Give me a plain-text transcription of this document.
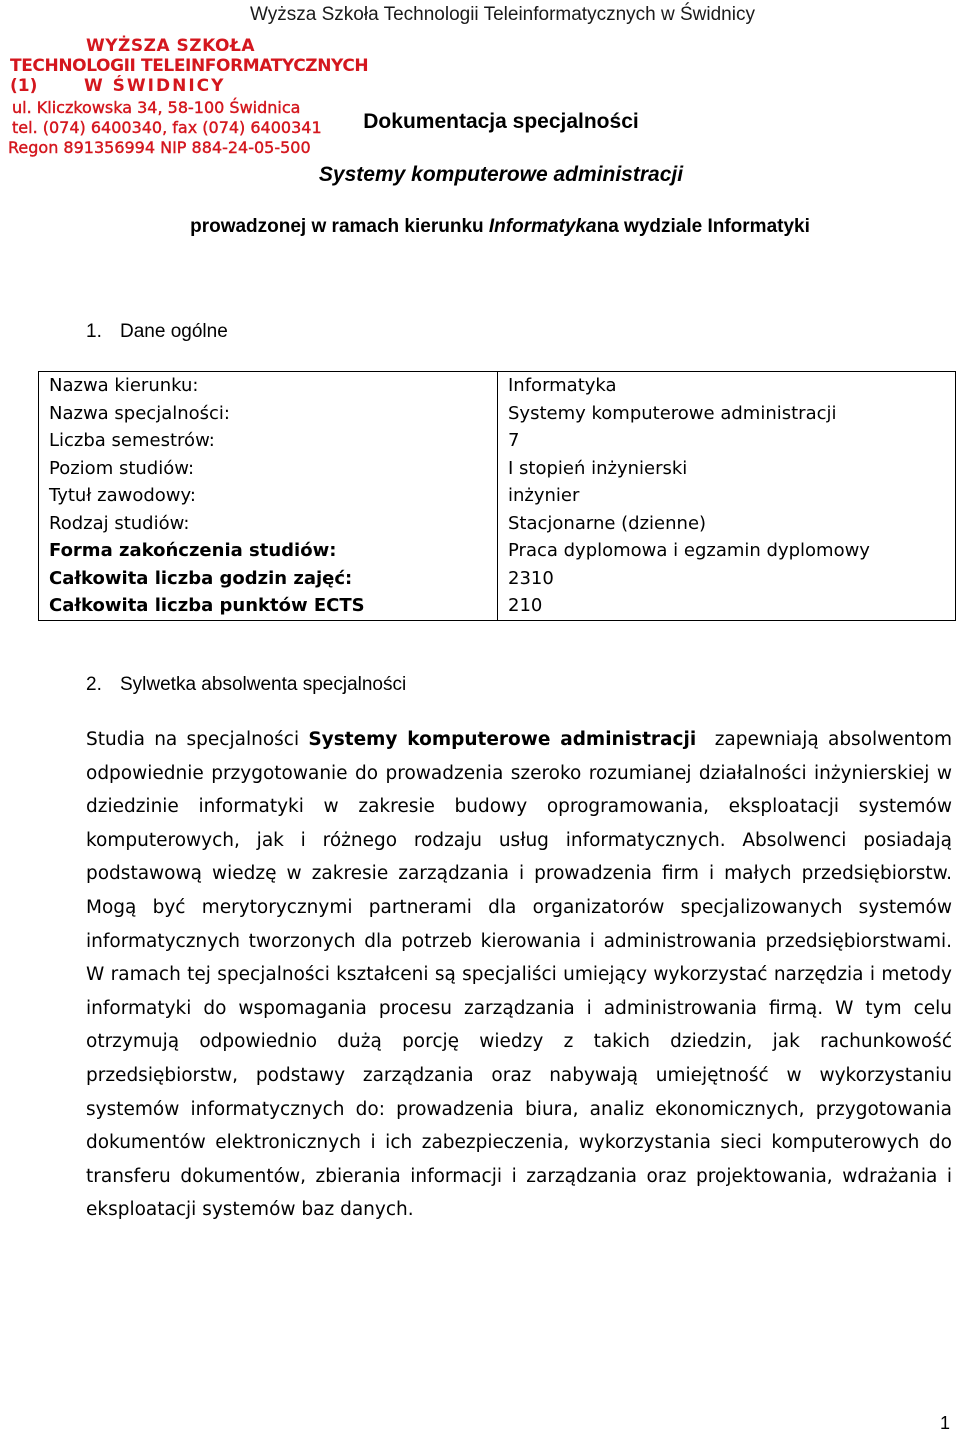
Wyższa Szkoła Technologii Teleinformatycznych w Świdnicy
WYŻSZA SZKOŁA
TECHNOLOGII TELEINFORMATYCZNYCH
(1)	W ŚWIDNICY
ul. Kliczkowska 34, 58-100 Świdnica
tel. (074) 6400340, fax (074) 6400341
Regon 891356994 NIP 884-24-05-500
Dokumentacja specjalności
Systemy komputerowe administracji
prowadzonej w ramach kierunku Informatykana wydziale Informatyki
1. Dane ogólne
Nazwa kierunku:	Informatyka
Nazwa specjalności:	Systemy komputerowe administracji
Liczba semestrów:	7
Poziom studiów:	I stopień inżynierski
Tytuł zawodowy:	inżynier
Rodzaj studiów:	Stacjonarne (dzienne)
Forma zakończenia studiów:	Praca dyplomowa i egzamin dyplomowy
Całkowita liczba godzin zajęć:	2310
Całkowita liczba punktów ECTS	210
2. Sylwetka absolwenta specjalności
Studia na specjalności Systemy komputerowe administracji  zapewniają absolwentom odpowiednie przygotowanie do prowadzenia szeroko rozumianej działalności inżynierskiej w dziedzinie informatyki w zakresie budowy oprogramowania, eksploatacji systemów komputerowych, jak i różnego rodzaju usług informatycznych. Absolwenci posiadają podstawową wiedzę w zakresie zarządzania i prowadzenia firm i małych przedsiębiorstw. Mogą być merytorycznymi partnerami dla organizatorów specjalizowanych systemów informatycznych tworzonych dla potrzeb kierowania i administrowania przedsiębiorstwami. W ramach tej specjalności kształceni są specjaliści umiejący wykorzystać narzędzia i metody informatyki do wspomagania procesu zarządzania i administrowania firmą. W tym celu otrzymują odpowiednio dużą porcję wiedzy z takich dziedzin, jak rachunkowość przedsiębiorstw, podstawy zarządzania oraz nabywają umiejętność w wykorzystaniu systemów informatycznych do: prowadzenia biura, analiz ekonomicznych, przygotowania dokumentów elektronicznych i ich zabezpieczenia, wykorzystania sieci komputerowych do transferu dokumentów, zbierania informacji i zarządzania oraz projektowania, wdrażania i eksploatacji systemów baz danych.
1
